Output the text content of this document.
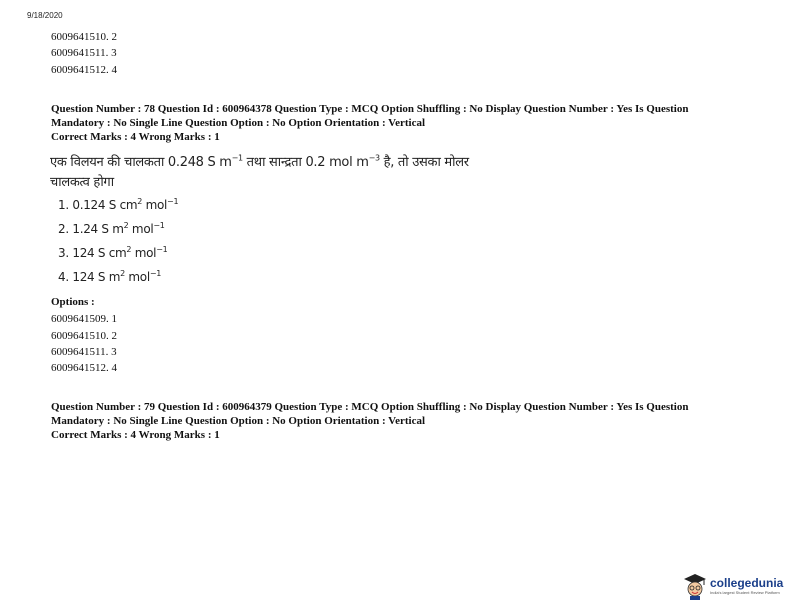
9/18/2020
6009641510. 2
6009641511. 3
6009641512. 4

Question Number : 78 Question Id : 600964378 Question Type : MCQ Option Shuffling : No Display Question Number : Yes Is Question

Mandatory : No Single Line Question Option : No Option Orientation : Vertical

Correct Marks : 4 Wrong Marks : 1

एक विलयन की चालकता 0.248 S $m^{-1}$ तथा सान्द्रता 0.2 mol $m^{-3}$ है, तो उसका मोलर चालकत्व होगा
1. 0.124 S $cm^2$ mol$^{-1}$
2. 1.24 S $m^2$ mol$^{-1}$
3. 124 S $cm^2$ mol$^{-1}$
4. 124 S $m^2$ mol$^{-1}$
Options :
6009641509. 1
6009641510. 2
6009641511. 3
6009641512. 4

Question Number : 79 Question Id : 600964379 Question Type : MCQ Option Shuffling : No Display Question Number : Yes Is Question

Mandatory : No Single Line Question Option : No Option Orientation : Vertical

Correct Marks : 4 Wrong Marks : 1

collegedunia
India's largest Student Review Platform
